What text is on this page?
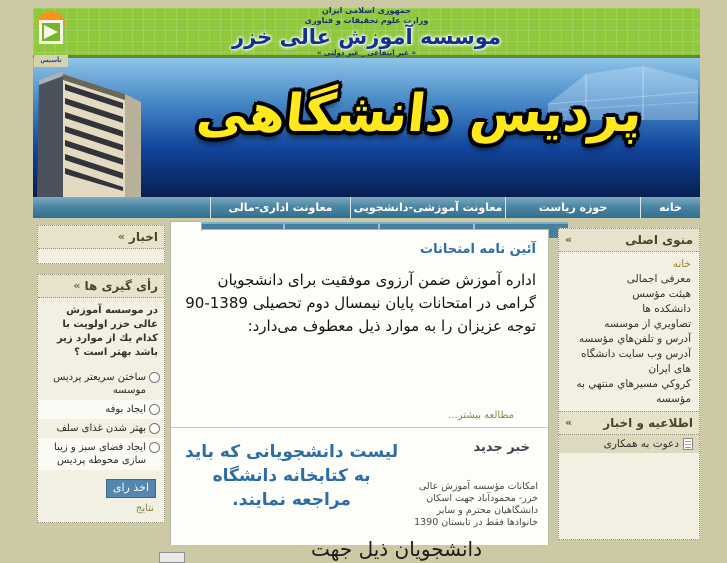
جمهوری اسلامی ایران
وزارت علوم تحقیقات و فناوری
موسسه آموزش عالی خزر
« غیر انتفاعی _ غیر دولتی »
تأسیس
پردیس دانشگاهی
خانه
حوزه ریاست
معاونت آموزشی-دانشجویی
معاونت اداری-مالی
« اخبار
« رأی گیری ها
در موسسه آموزش عالی خزر اولویت با کدام یك از موارد زیر باشد بهتر است ؟
ساختن سریعتر پردیس موسسه
ایجاد بوفه
بهتر شدن غذای سلف
ایجاد فضای سبز و زیبا سازی محوطه پردیس
اخذ رای
نتایج
آئین نامه امتحانات
اداره آموزش ضمن آرزوی موفقیت برای دانشجویان گرامی در امتحانات پایان نیمسال دوم تحصیلی 1389-90 توجه عزیزان را به موارد ذیل معطوف می‌دارد:
مطالعه بیشتر...
خبر جدید
امکانات مؤسسه آموزش عالی خزر- محمودآباد جهت اسکان دانشگاهیان محترم و سایر خانوادها فقط در تابستان 1390
لیست دانشجویانی که باید به کتابخانه دانشگاه مراجعه نمایند.
دانشجویان ذیل جهت
«	منوی اصلی
خانه
معرفی اجمالی
هیئت مؤسس
دانشکده ها
تصاویري از موسسه
آدرس و تلفن‌هاي مؤسسه
آدرس وب سایت دانشگاه های ایران
کروکي مسیرهاي منتهي به مؤسسه
«	اطلاعیه و اخبار
دعوت به همکاری
